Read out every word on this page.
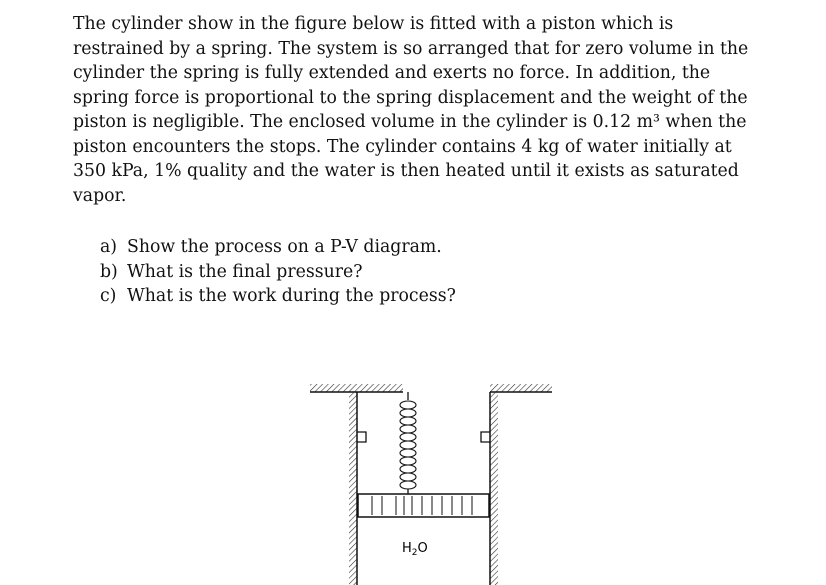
The cylinder show in the figure below is fitted with a piston which is
restrained by a spring. The system is so arranged that for zero volume in the
cylinder the spring is fully extended and exerts no force. In addition, the
spring force is proportional to the spring displacement and the weight of the
piston is negligible. The enclosed volume in the cylinder is 0.12 m³ when the
piston encounters the stops. The cylinder contains 4 kg of water initially at
350 kPa, 1% quality and the water is then heated until it exists as saturated
vapor.
a) Show the process on a P-V diagram.
b) What is the final pressure?
c) What is the work during the process?
$H_2O$
